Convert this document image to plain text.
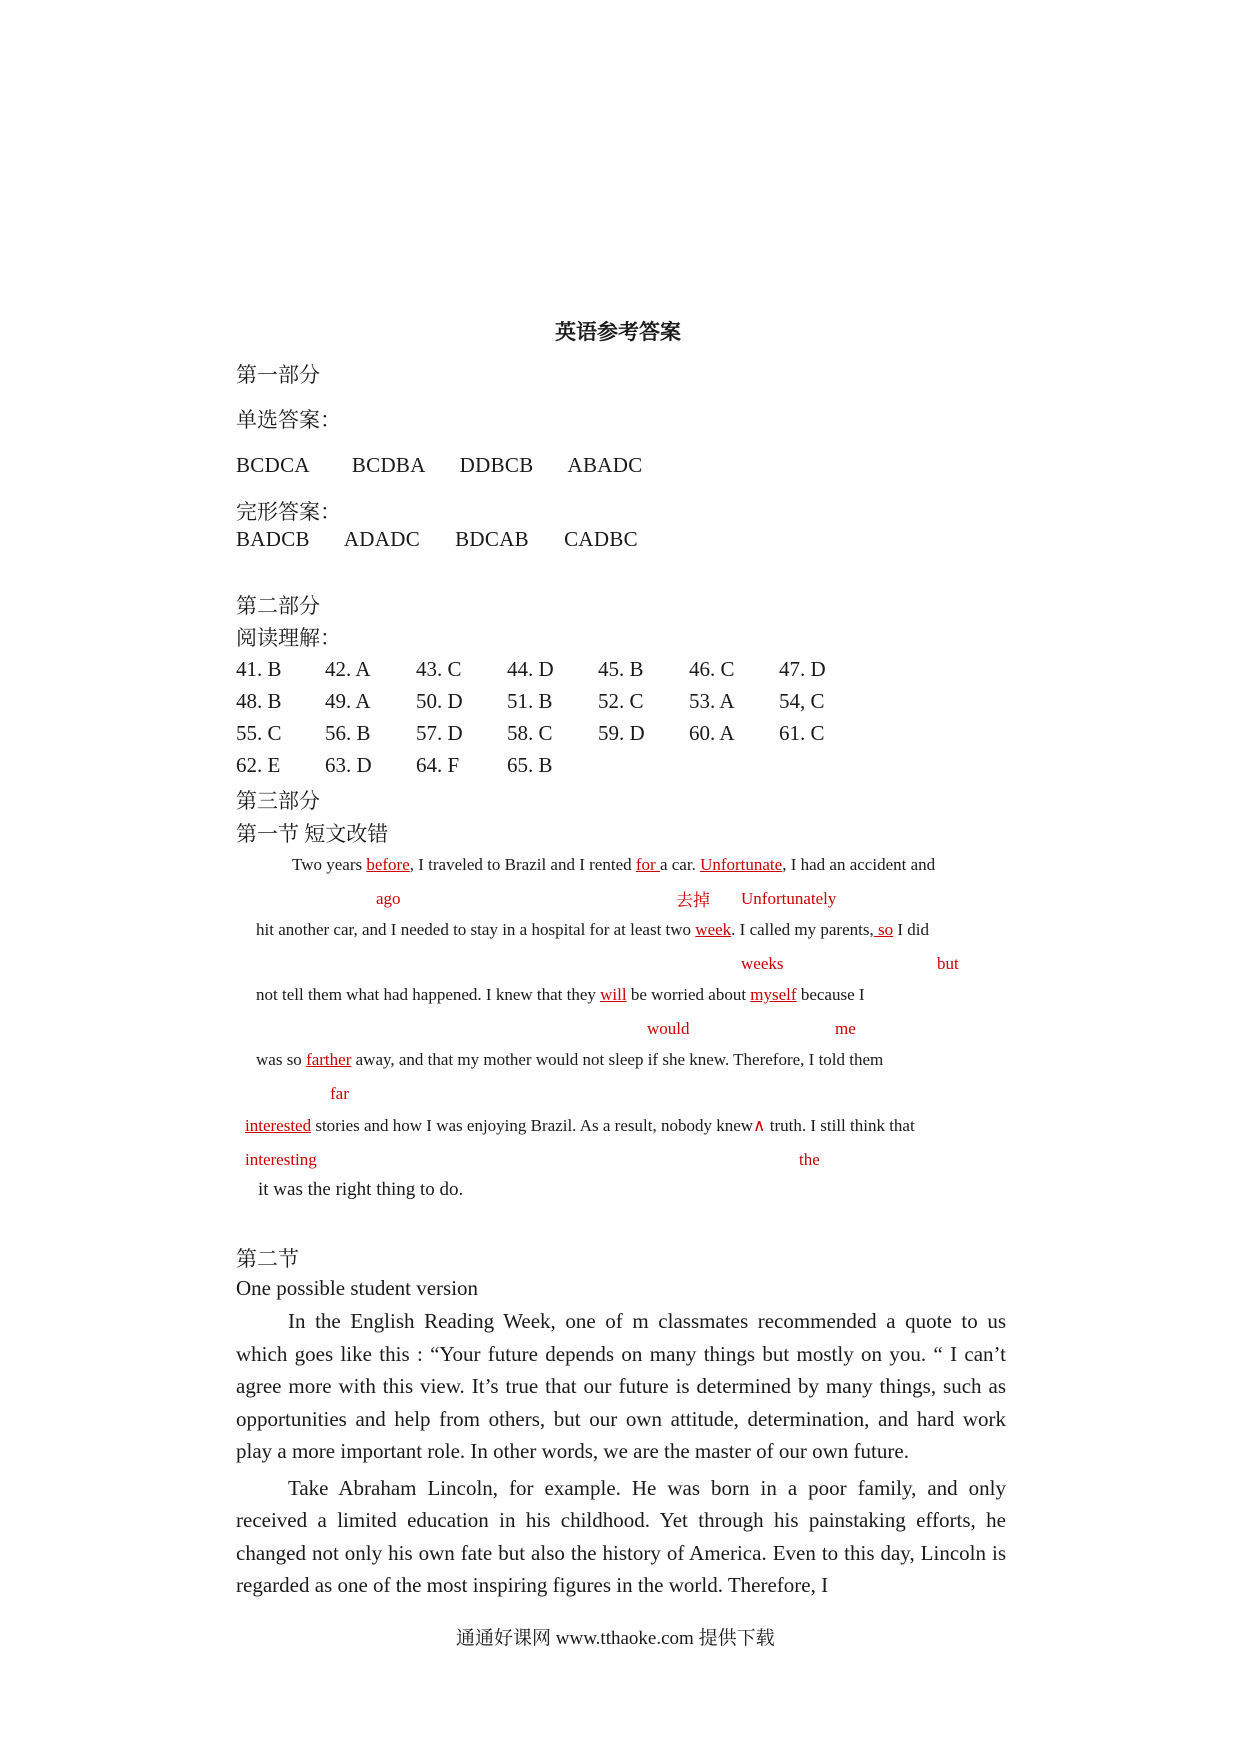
英语参考答案
第一部分
单选答案：
BCDCA BCDBA DDBCB ABADC
完形答案：
BADCB ADADC BDCAB CADBC
第二部分
阅读理解：
41. B 42. A 43. C 44. D 45. B 46. C 47. D
48. B 49. A 50. D 51. B 52. C 53. A 54, C
55. C 56. B 57. D 58. C 59. D 60. A 61. C
62. E 63. D 64. F 65. B
第三部分
第一节 短文改错
Two years before, I traveled to Brazil and I rented for a car. Unfortunate, I had an accident and
ago	去掉 Unfortunately
hit another car, and I needed to stay in a hospital for at least two week. I called my parents, so I did
weeks	but
not tell them what had happened. I knew that they will be worried about myself because I
would	me
was so farther away, and that my mother would not sleep if she knew. Therefore, I told them
far
interested stories and how I was enjoying Brazil. As a result, nobody knew∧ truth. I still think that
interesting	the
it was the right thing to do.
第二节
One possible student version

In the English Reading Week, one of m classmates recommended a quote to us which goes like this : “Your future depends on many things but mostly on you. “ I can’t agree more with this view. It’s true that our future is determined by many things, such as opportunities and help from others, but our own attitude, determination, and hard work play a more important role. In other words, we are the master of our own future.

Take Abraham Lincoln, for example. He was born in a poor family, and only received a limited education in his childhood. Yet through his painstaking efforts, he changed not only his own fate but also the history of America. Even to this day, Lincoln is regarded as one of the most inspiring figures in the world. Therefore, I

通通好课网 www.tthaoke.com 提供下载
